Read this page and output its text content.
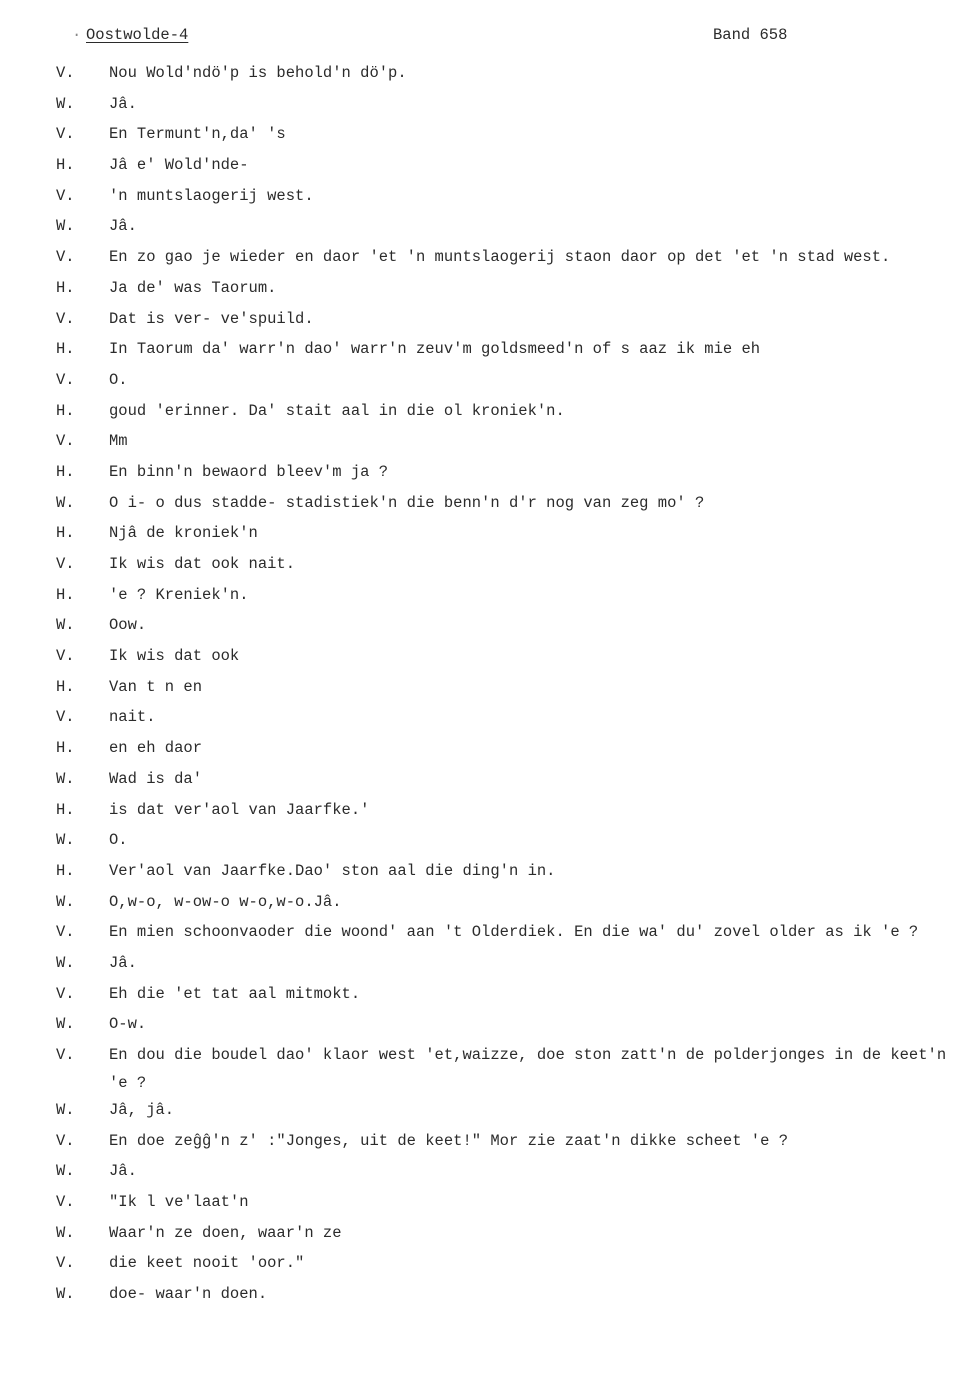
· Oostwolde-4	Band 658
V.	Nou Wold'ndö'p is behold'n dö'p.
W.	Jâ.
V.	En Termunt'n,da' 's
H.	Jâ e' Wold'nde-
V.	'n muntslaogerij west.
W.	Jâ.
V.	En zo gao je wieder en daor 'et 'n muntslaogerij staon daor op det 'et 'n stad west.
H.	Ja de' was Taorum.
V.	Dat is ver- ve'spuild.
H.	In Taorum da' warr'n dao' warr'n zeuv'm goldsmeed'n of s aaz ik mie eh
V.	O.
H.	goud 'erinner. Da' stait aal in die ol kroniek'n.
V.	Mm
H.	En binn'n bewaord bleev'm ja ?
W.	O i- o dus stadde- stadistiek'n die benn'n d'r nog van zeg mo' ?
H.	Njâ de kroniek'n
V.	Ik wis dat ook nait.
H.	'e ? Kreniek'n.
W.	Oow.
V.	Ik wis dat ook
H.	Van t n en
V.	nait.
H.	en eh daor
W.	Wad is da'
H.	is dat ver'aol van Jaarfke.'
W.	O.
H.	Ver'aol van Jaarfke.Dao' ston aal die ding'n in.
W.	O,w-o, w-ow-o w-o,w-o.Jâ.
V.	En mien schoonvaoder die woond' aan 't Olderdiek. En die wa' du' zovel older as ik 'e ?
W.	Jâ.
V.	Eh die 'et tat aal mitmokt.
W.	O-w.
V.	En dou die boudel dao' klaor west 'et,waizze, doe ston zatt'n de polderjonges in de keet'n 'e ?
W.	Jâ, jâ.
V.	En doe zeĝĝ'n z' :"Jonges, uit de keet!" Mor zie zaat'n dikke scheet 'e ?
W.	Jâ.
V.	"Ik l ve'laat'n
W.	Waar'n ze doen, waar'n ze
V.	die keet nooit 'oor."
W.	doe- waar'n doen.
